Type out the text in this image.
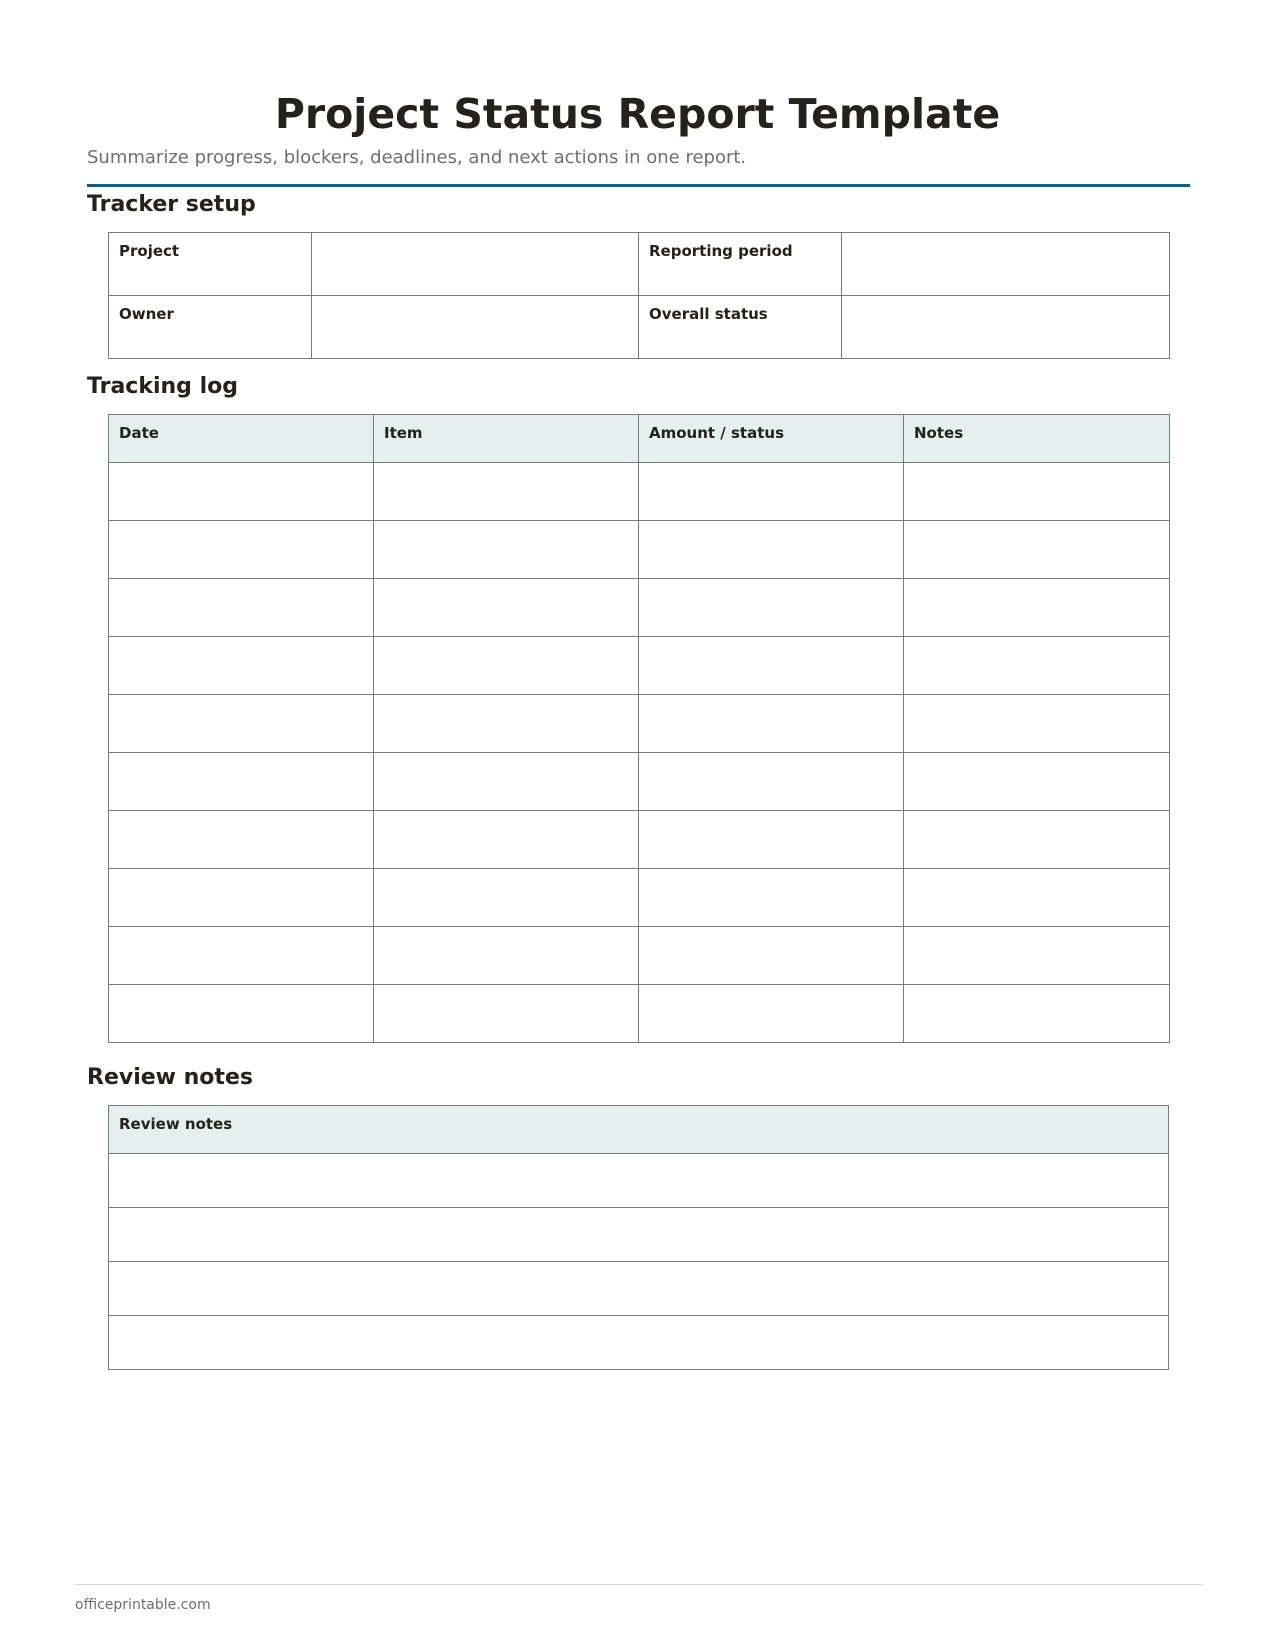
Project Status Report Template

Summarize progress, blockers, deadlines, and next actions in one report.

Tracker setup
Project		Reporting period	
Owner		Overall status	
Tracking log
Date	Item	Amount / status	Notes

Review notes
Review notes

officeprintable.com
